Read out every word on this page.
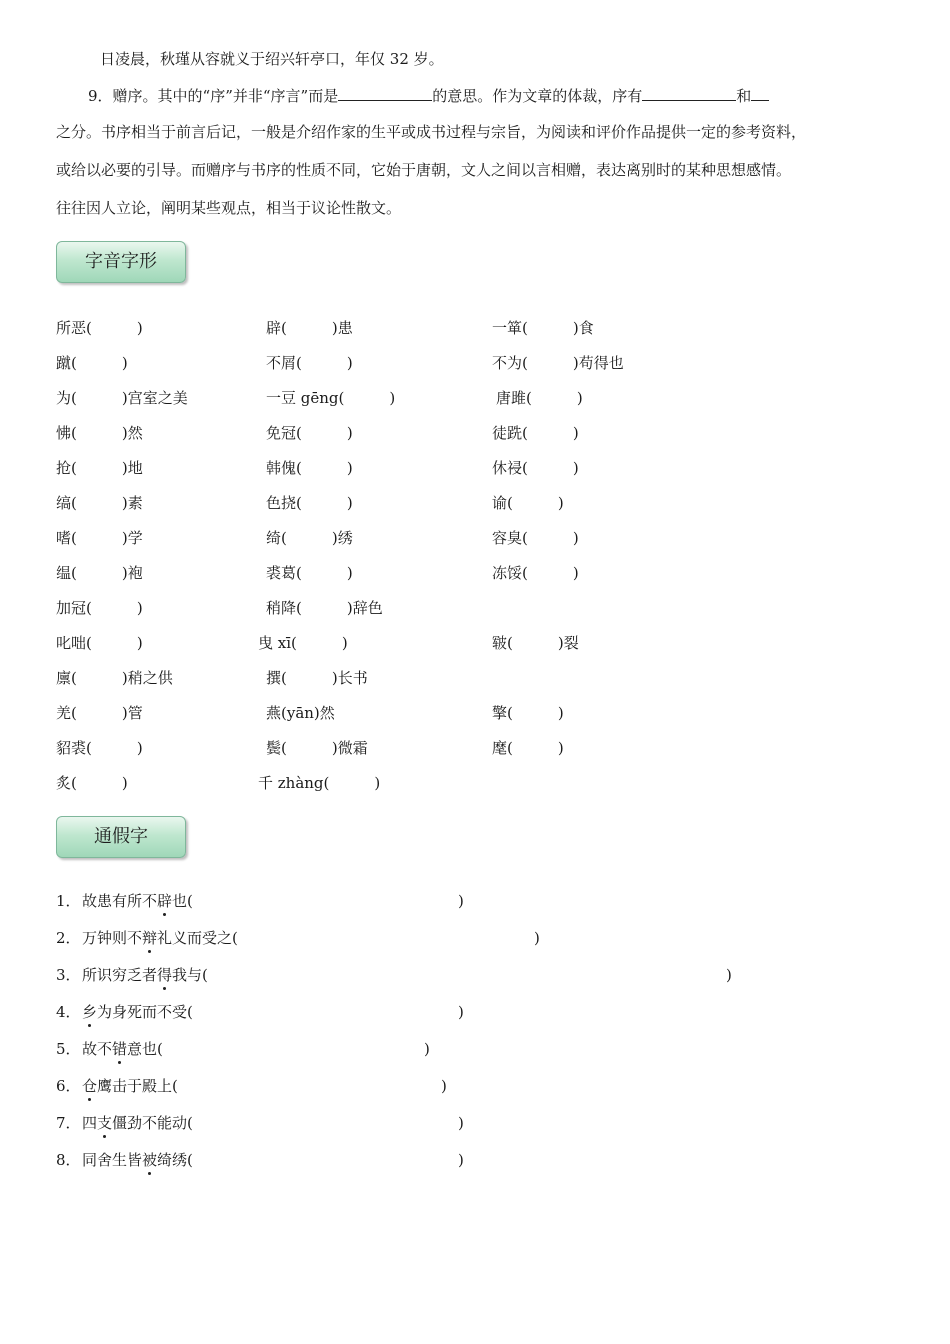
日凌晨，秋瑾从容就义于绍兴轩亭口，年仅 32 岁。
9．赠序。其中的“序”并非“序言”而是	的意思。作为文章的体裁，序有	和
之分。书序相当于前言后记，一般是介绍作家的生平或成书过程与宗旨，为阅读和评价作品提供一定的参考资料，
或给以必要的引导。而赠序与书序的性质不同，它始于唐朝，文人之间以言相赠，表达离别时的某种思想感情。
往往因人立论，阐明某些观点，相当于议论性散文。
字音字形
所恶(　　　)	辟(　　　)患	一箪(　　　)食
蹴(　　　)	不屑(　　　)	不为(　　　)苟得也
为(　　　)宫室之美	一豆 gēng(　　　)	唐雎(　　　)
怫(　　　)然	免冠(　　　)	徒跣(　　　)
抢(　　　)地	韩傀(　　　)	休祲(　　　)
缟(　　　)素	色挠(　　　)	谕(　　　)
嗜(　　　)学	绮(　　　)绣	容臭(　　　)
缊(　　　)袍	裘葛(　　　)	冻馁(　　　)
加冠(　　　)	稍降(　　　)辞色
叱咄(　　　)	曳 xī(　　　)	皲(　　　)裂
廪(　　　)稍之供	撰(　　　)长书
羌(　　　)管	燕(yān)然	擎(　　　)
貂裘(　　　)	鬓(　　　)微霜	麾(　　　)
炙(　　　)	千 zhàng(　　　)
通假字
1．故患有所不辟也(	)
2．万钟则不辩礼义而受之(	)
3．所识穷乏者得我与(	)
4．乡为身死而不受(	)
5．故不错意也(	)
6．仓鹰击于殿上(	)
7．四支僵劲不能动(	)
8．同舍生皆被绮绣(	)
